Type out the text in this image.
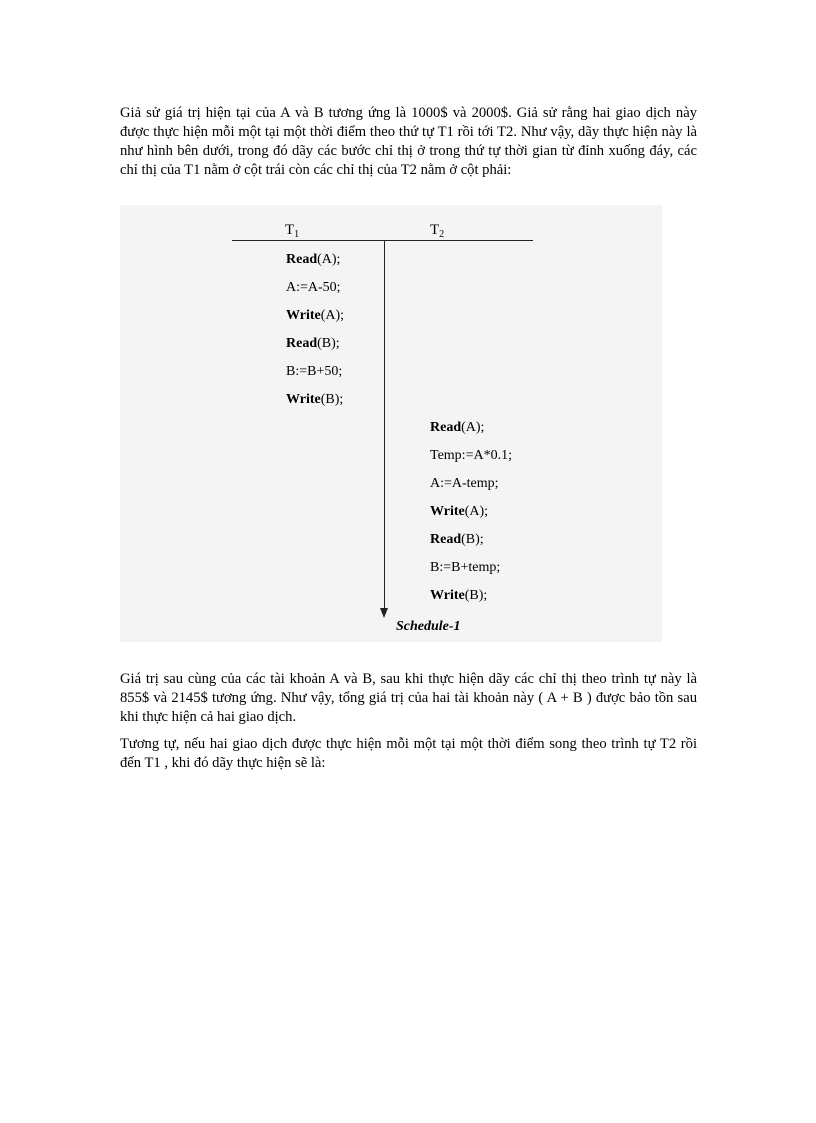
Giả sử giá trị hiện tại của A và B tương ứng là 1000$ và 2000$. Giả sử rằng hai giao dịch này được thực hiện mỗi một tại một thời điểm theo thứ tự T1 rồi tới T2. Như vậy, dãy thực hiện này là như hình bên dưới, trong đó dãy các bước chỉ thị ở trong thứ tự thời gian từ đỉnh xuống đáy, các chỉ thị của T1 nằm ở cột trái còn các chỉ thị của T2 nằm ở cột phải:

$T_1$	$T_2$
Read(A);
A:=A-50;
Write(A);
Read(B);
B:=B+50;
Write(B);
Read(A);
Temp:=A*0.1;
A:=A-temp;
Write(A);
Read(B);
B:=B+temp;
Write(B);
Schedule-1

Giá trị sau cùng của các tài khoản A và B, sau khi thực hiện dãy các chỉ thị theo trình tự này là 855$ và 2145$ tương ứng. Như vậy, tổng giá trị của hai tài khoản này ( A + B ) được bảo tồn sau khi thực hiện cả hai giao dịch.

Tương tự, nếu hai giao dịch được thực hiện mỗi một tại một thời điểm song theo trình tự T2 rồi đến T1 , khi đó dãy thực hiện sẽ là:
